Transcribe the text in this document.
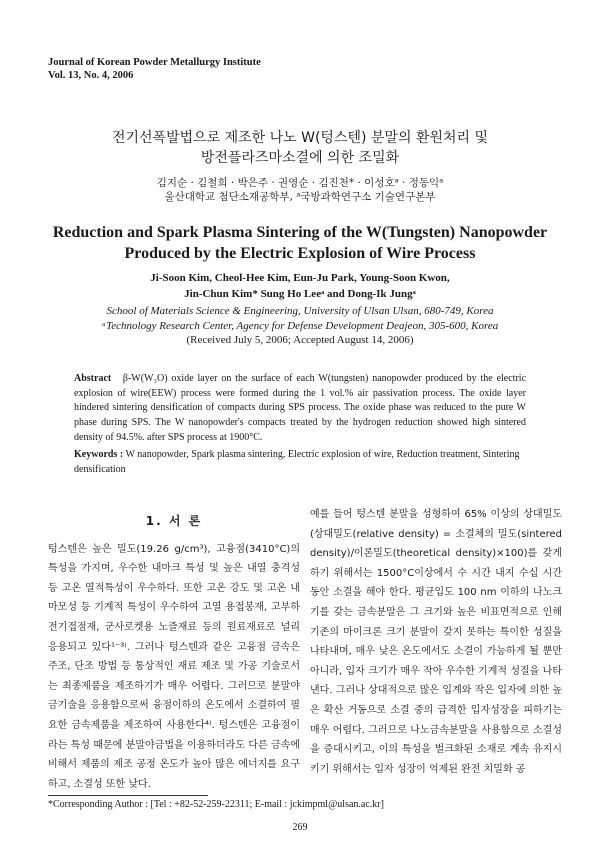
Journal of Korean Powder Metallurgy Institute
Vol. 13, No. 4, 2006
전기선폭발법으로 제조한 나노 W(텅스텐) 분말의 환원처리 및
방전플라즈마소결에 의한 조밀화
김지순 · 김철희 · 박은주 · 권영순 · 김진천* · 이성호ᵃ · 정동익ᵃ
울산대학교 첨단소재공학부, ᵃ국방과학연구소 기술연구본부
Reduction and Spark Plasma Sintering of the W(Tungsten) Nanopowder
Produced by the Electric Explosion of Wire Process
Ji-Soon Kim, Cheol-Hee Kim, Eun-Ju Park, Young-Soon Kwon,
Jin-Chun Kim* Sung Ho Leeᵃ and Dong-Ik Jungᵃ
School of Materials Science & Engineering, University of Ulsan Ulsan, 680-749, Korea
ᵃTechnology Research Center, Agency for Defense Development Deajeon, 305-600, Korea
(Received July 5, 2006; Accepted August 14, 2006)
Abstract β-W(W₃O) oxide layer on the surface of each W(tungsten) nanopowder produced by the electric explosion of wire(EEW) process were formed during the 1 vol.% air passivation process. The oxide layer hindered sintering densification of compacts during SPS process. The oxide phase was reduced to the pure W phase during SPS. The W nanopowder's compacts treated by the hydrogen reduction showed high sintered density of 94.5%. after SPS process at 1900°C.
Keywords : W nanopowder, Spark plasma sintering, Electric explosion of wire, Reduction treatment, Sintering densification
1. 서 론
텅스텐은 높은 밀도(19.26 g/cm³), 고융점(3410°C)의 특성을 가지며, 우수한 내마크 특성 및 높은 내열 충격성 등 고온 열적특성이 우수하다. 또한 고온 강도 및 고온 내마모성 등 기계적 특성이 우수하여 고열 용접봉재, 고부하 전기접점재, 군사로켓용 노즐재료 등의 원료재료로 널리 응용되고 있다¹⁻³⁾. 그러나 텅스텐과 같은 고융점 금속은 주조, 단조 방법 등 통상적인 재료 제조 및 가공 기술로서는 최종제품을 제조하기가 매우 어렵다. 그러므로 분말야금기술을 응용함으로써 융점이하의 온도에서 소결하여 필요한 금속제품을 제조하여 사용한다⁴⁾. 텅스텐은 고융점이라는 특성 때문에 분말야금법을 이용하더라도 다른 금속에 비해서 제품의 제조 공정 온도가 높아 많은 에너지를 요구하고, 소결성 또한 낮다.
예를 들어 텅스텐 분말을 성형하여 65% 이상의 상대밀도(상대밀도(relative density) = 소결체의 밀도(sintered density)/이론밀도(theoretical density)×100)를 갖게 하기 위해서는 1500°C이상에서 수 시간 내지 수십 시간동안 소결을 해야 한다. 평균입도 100 nm 이하의 나노크기를 갖는 금속분말은 그 크기와 높은 비표면적으로 인해 기존의 마이크론 크기 분말이 갖지 못하는 특이한 성질을 나타내며, 매우 낮은 온도에서도 소결이 가능하게 될 뿐만 아니라, 입자 크기가 매우 작아 우수한 기계적 성질을 나타낸다. 그러나 상대적으로 많은 입계와 작은 입자에 의한 높은 확산 거동으로 소결 중의 급격한 입자성장을 피하기는 매우 어렵다. 그러므로 나노금속분말을 사용함으로 소결성을 증대시키고, 이의 특성을 벌크화된 소재로 계속 유지시키기 위해서는 입자 성장이 억제된 완전 치밀화 공
*Corresponding Author : [Tel : +82-52-259-22311; E-mail : jckimpml@ulsan.ac.kr]
269
